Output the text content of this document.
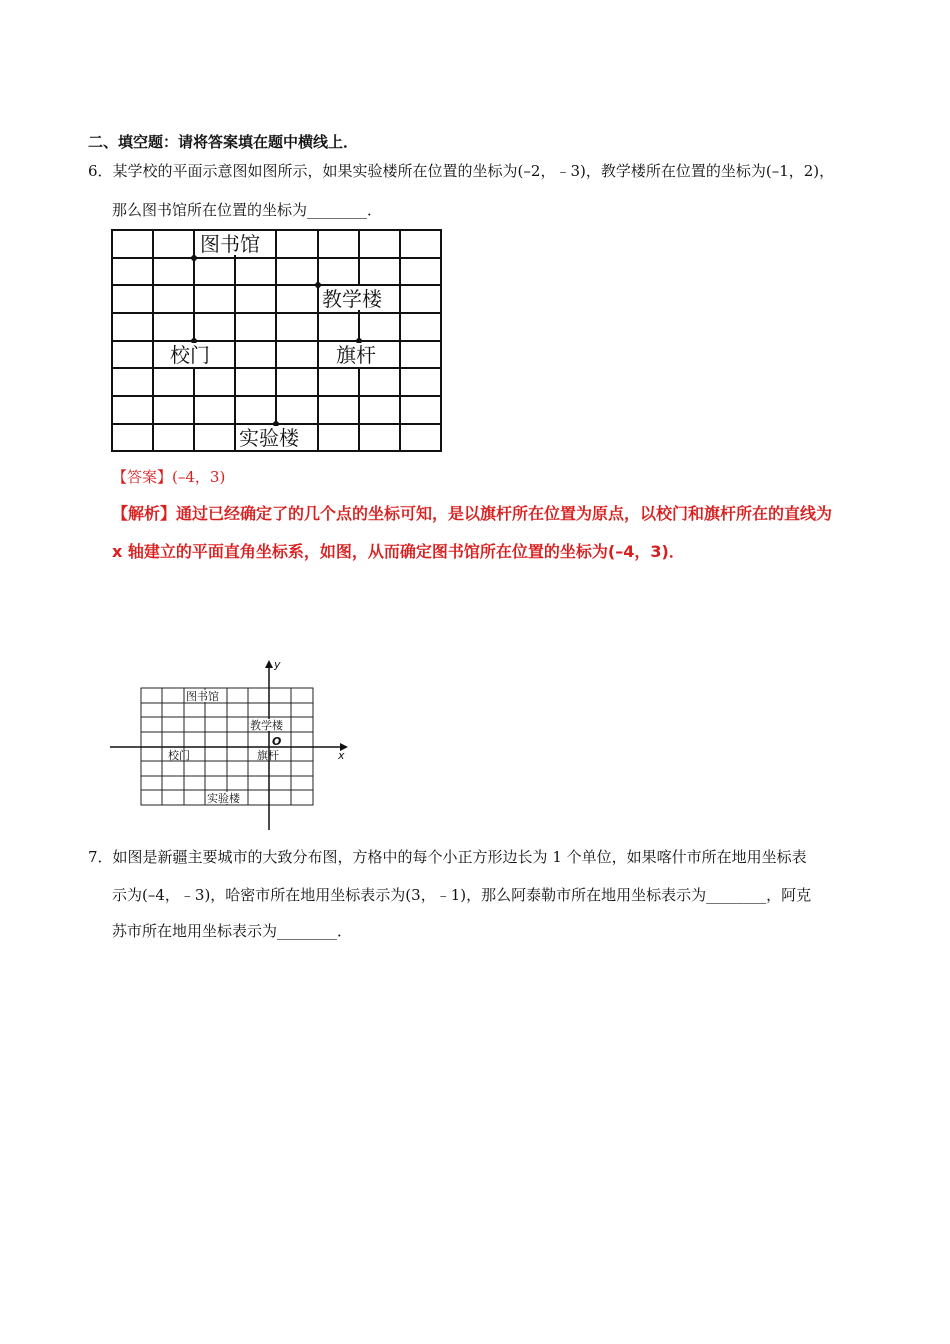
二、填空题：请将答案填在题中横线上．
6．某学校的平面示意图如图所示，如果实验楼所在位置的坐标为(–2，﹣3)，教学楼所在位置的坐标为(–1，2)，
那么图书馆所在位置的坐标为________．
图书馆
教学楼
校门	旗杆
实验楼
【答案】(–4，3)
【解析】通过已经确定了的几个点的坐标可知，是以旗杆所在位置为原点，以校门和旗杆所在的直线为
x 轴建立的平面直角坐标系，如图，从而确定图书馆所在位置的坐标为(–4，3)．
图书馆
教学楼
校门	旗杆
实验楼
O
x
y
7．如图是新疆主要城市的大致分布图，方格中的每个小正方形边长为 1 个单位，如果喀什市所在地用坐标表
示为(–4，﹣3)，哈密市所在地用坐标表示为(3，﹣1)，那么阿泰勒市所在地用坐标表示为________，阿克
苏市所在地用坐标表示为________．
